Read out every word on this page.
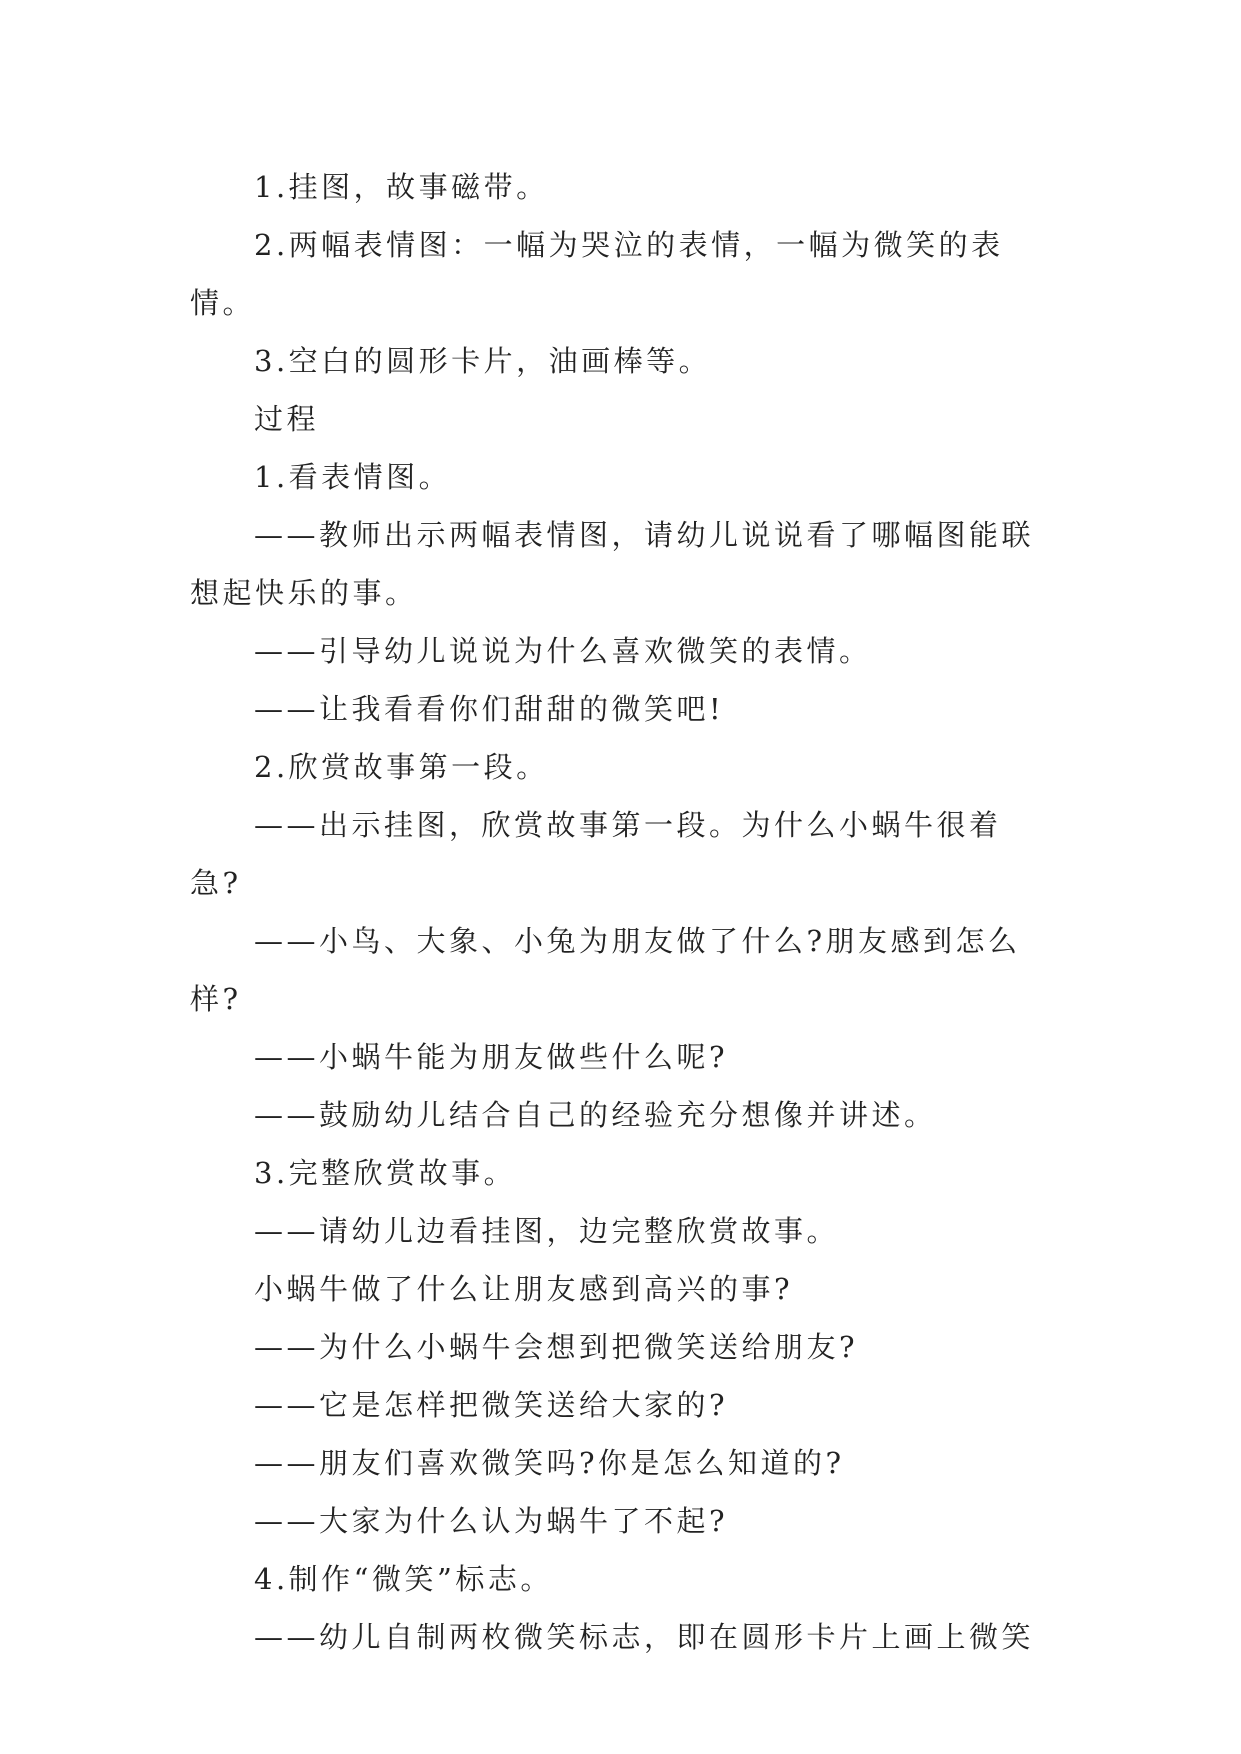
1.挂图，故事磁带。

2.两幅表情图：一幅为哭泣的表情，一幅为微笑的表情。

3.空白的圆形卡片，油画棒等。

过程

1.看表情图。

——教师出示两幅表情图，请幼儿说说看了哪幅图能联想起快乐的事。

——引导幼儿说说为什么喜欢微笑的表情。

——让我看看你们甜甜的微笑吧!

2.欣赏故事第一段。

——出示挂图，欣赏故事第一段。为什么小蜗牛很着急?

——小鸟、大象、小兔为朋友做了什么?朋友感到怎么样?

——小蜗牛能为朋友做些什么呢?

——鼓励幼儿结合自己的经验充分想像并讲述。

3.完整欣赏故事。

——请幼儿边看挂图，边完整欣赏故事。

小蜗牛做了什么让朋友感到高兴的事?

——为什么小蜗牛会想到把微笑送给朋友?

——它是怎样把微笑送给大家的?

——朋友们喜欢微笑吗?你是怎么知道的?

——大家为什么认为蜗牛了不起?

4.制作“微笑”标志。

——幼儿自制两枚微笑标志，即在圆形卡片上画上微笑
